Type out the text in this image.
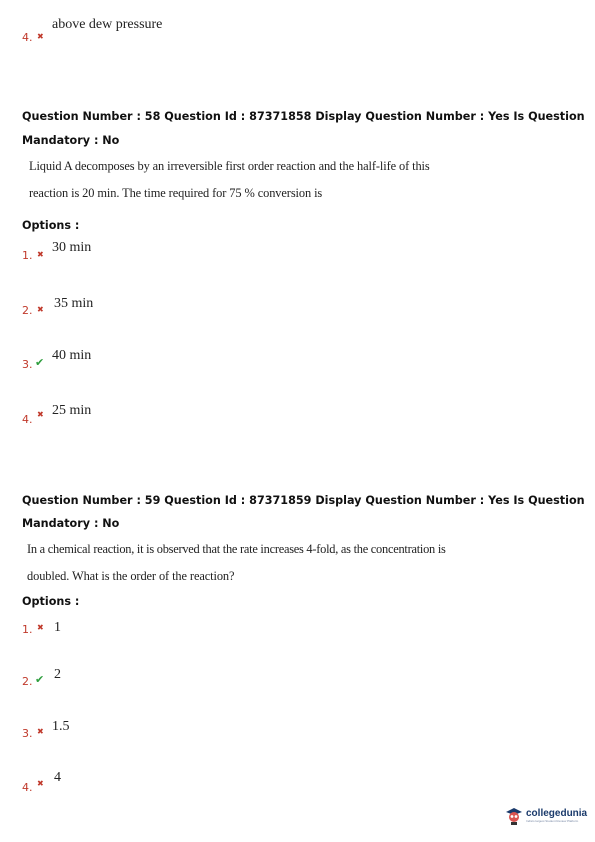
4. ✖
above dew pressure
Question Number : 58 Question Id : 87371858 Display Question Number : Yes Is Question
Mandatory : No
Liquid A decomposes by an irreversible first order reaction and the half-life of this
reaction is 20 min. The time required for 75 % conversion is
Options :
1. ✖ 30 min
2. ✖ 35 min
3. ✔ 40 min
4. ✖ 25 min
Question Number : 59 Question Id : 87371859 Display Question Number : Yes Is Question
Mandatory : No
In a chemical reaction, it is observed that the rate increases 4-fold, as the concentration is
doubled. What is the order of the reaction?
Options :
1. ✖ 1
2. ✔ 2
3. ✖ 1.5
4. ✖ 4
collegedunia
India's largest Student Review Platform
